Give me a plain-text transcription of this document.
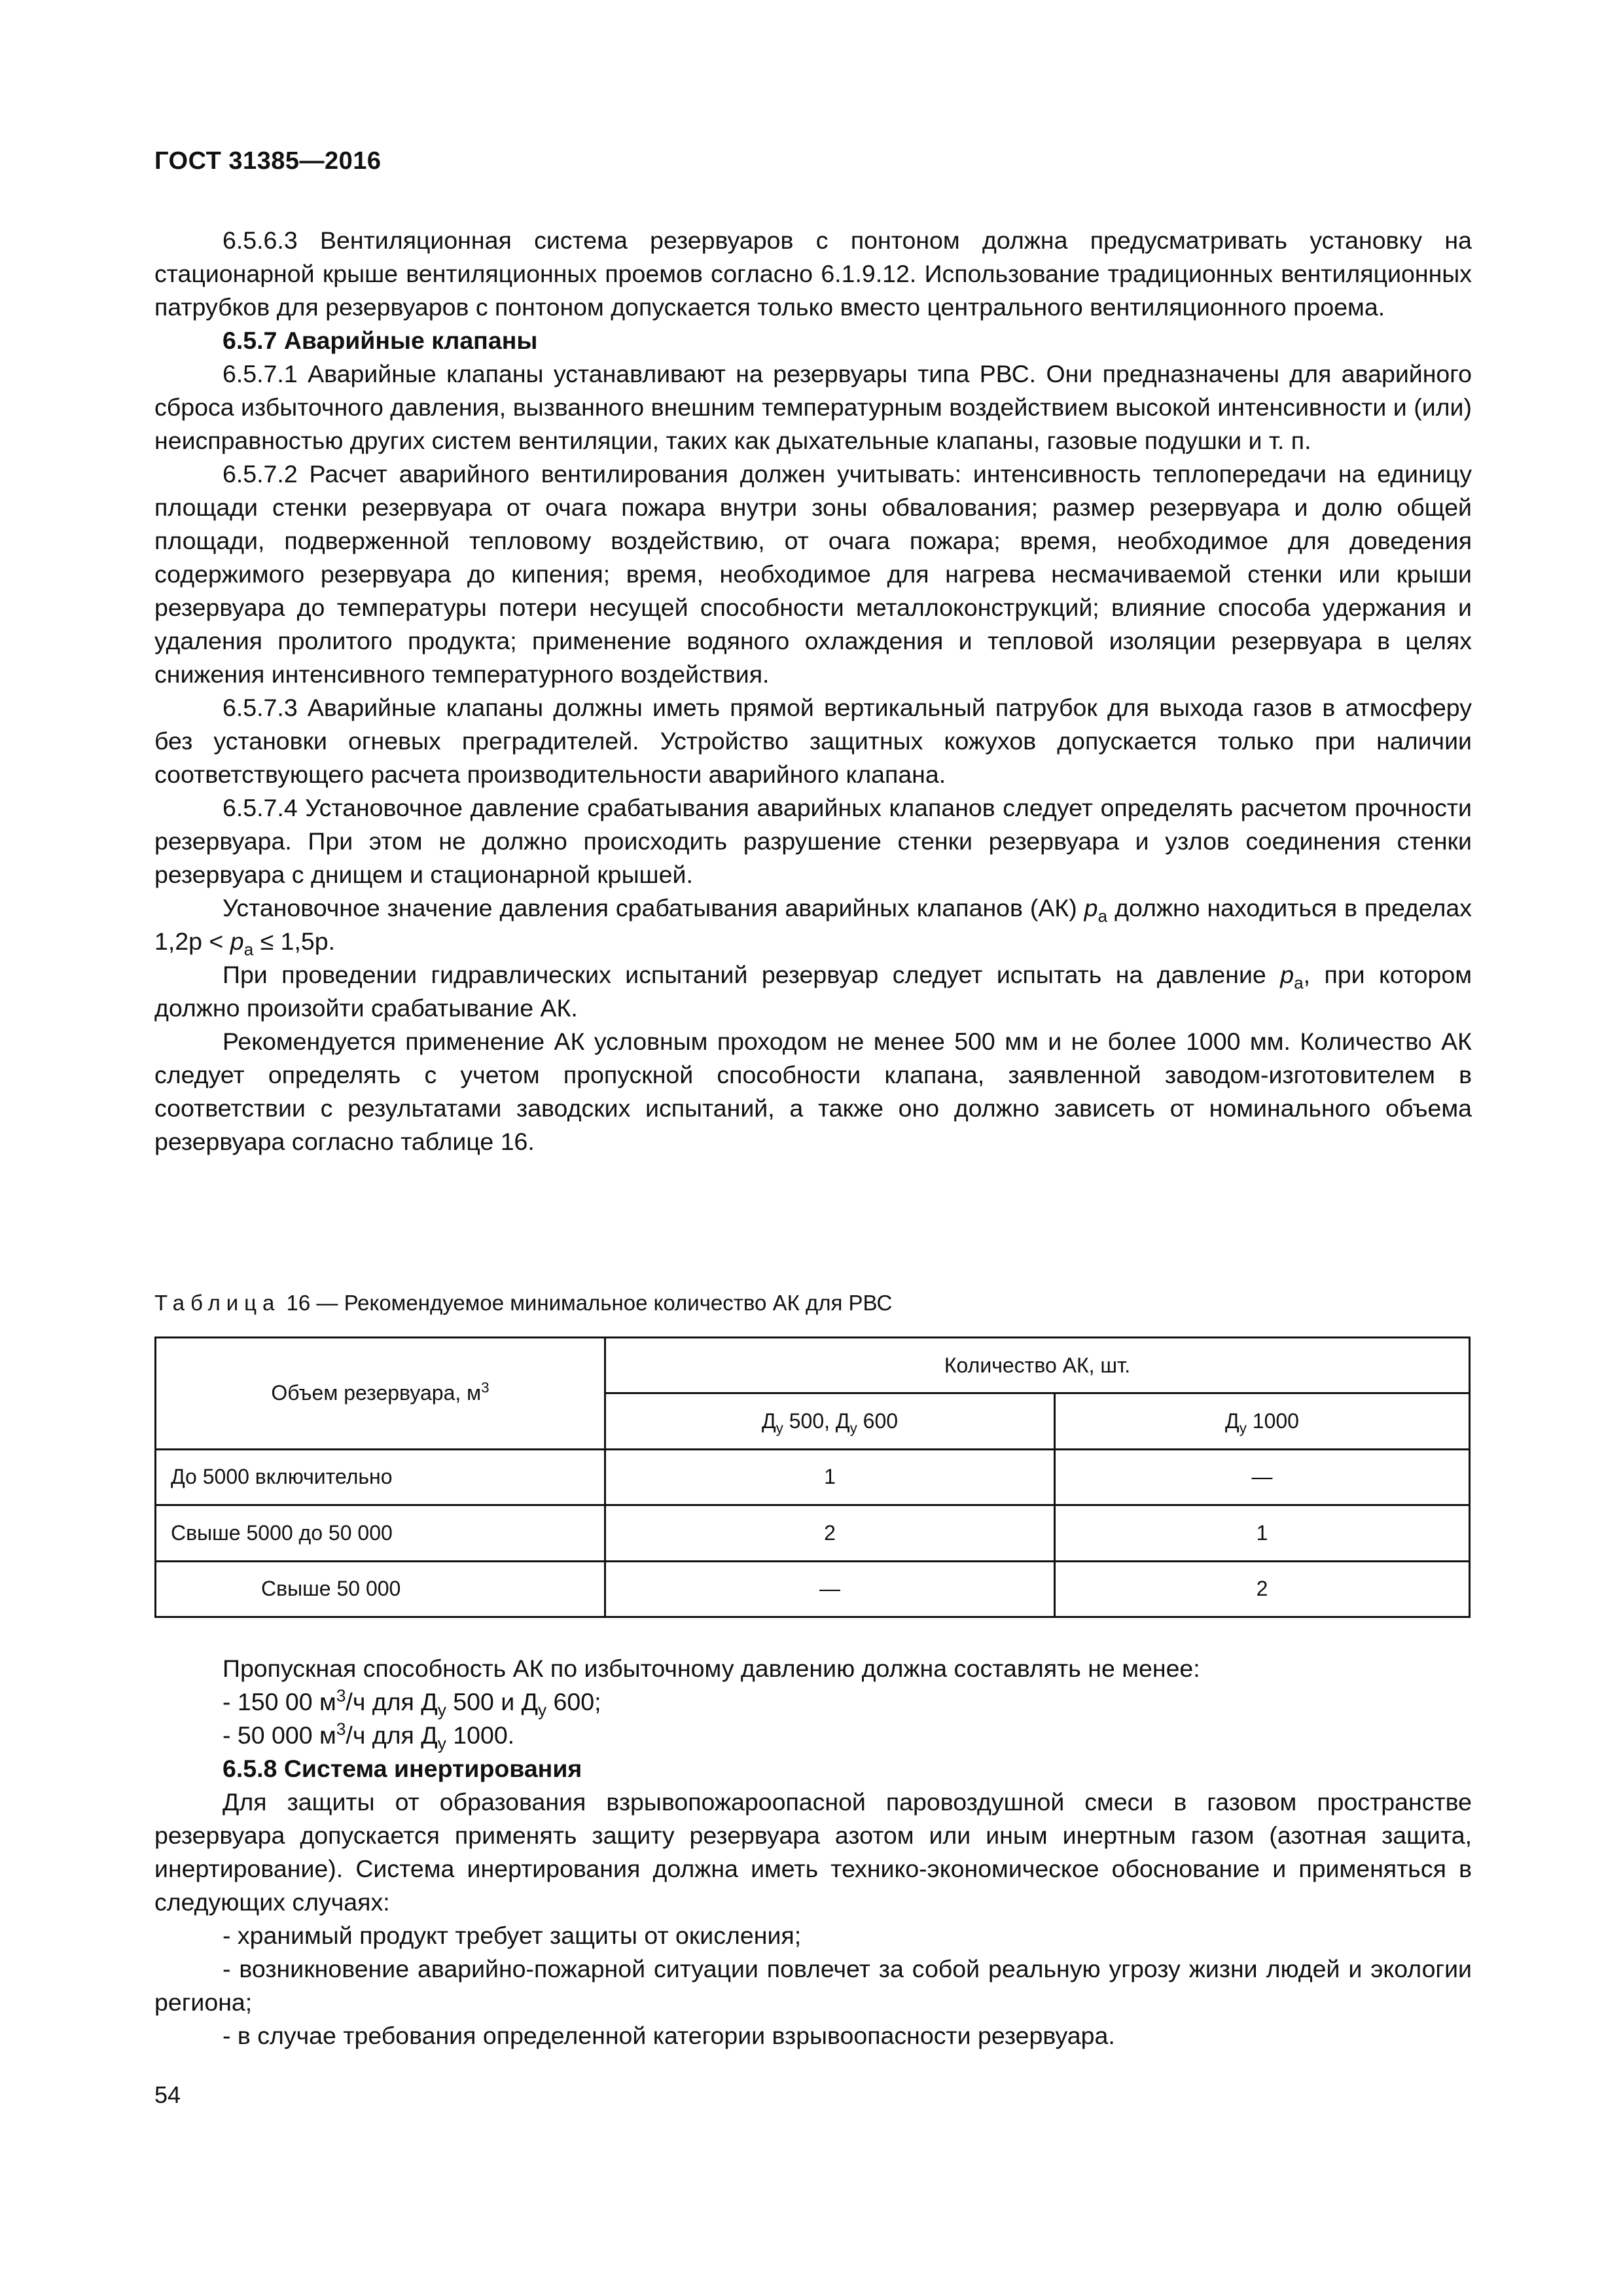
ГОСТ 31385—2016

6.5.6.3 Вентиляционная система резервуаров с понтоном должна предусматривать установку на стационарной крыше вентиляционных проемов согласно 6.1.9.12. Использование традиционных вентиляционных патрубков для резервуаров с понтоном допускается только вместо центрального вентиляционного проема.

6.5.7 Аварийные клапаны

6.5.7.1 Аварийные клапаны устанавливают на резервуары типа РВС. Они предназначены для аварийного сброса избыточного давления, вызванного внешним температурным воздействием высокой интенсивности и (или) неисправностью других систем вентиляции, таких как дыхательные клапаны, газовые подушки и т. п.

6.5.7.2 Расчет аварийного вентилирования должен учитывать: интенсивность теплопередачи на единицу площади стенки резервуара от очага пожара внутри зоны обвалования; размер резервуара и долю общей площади, подверженной тепловому воздействию, от очага пожара; время, необходимое для доведения содержимого резервуара до кипения; время, необходимое для нагрева несмачиваемой стенки или крыши резервуара до температуры потери несущей способности металлоконструкций; влияние способа удержания и удаления пролитого продукта; применение водяного охлаждения и тепловой изоляции резервуара в целях снижения интенсивного температурного воздействия.

6.5.7.3 Аварийные клапаны должны иметь прямой вертикальный патрубок для выхода газов в атмосферу без установки огневых преградителей. Устройство защитных кожухов допускается только при наличии соответствующего расчета производительности аварийного клапана.

6.5.7.4 Установочное давление срабатывания аварийных клапанов следует определять расчетом прочности резервуара. При этом не должно происходить разрушение стенки резервуара и узлов соединения стенки резервуара с днищем и стационарной крышей.

Установочное значение давления срабатывания аварийных клапанов (АК) $p_a$ должно находиться в пределах $1,2p < p_a \le 1,5p$.

При проведении гидравлических испытаний резервуар следует испытать на давление $p_a$, при котором должно произойти срабатывание АК.

Рекомендуется применение АК условным проходом не менее 500 мм и не более 1000 мм. Количество АК следует определять с учетом пропускной способности клапана, заявленной заводом-изготовителем в соответствии с результатами заводских испытаний, а также оно должно зависеть от номинального объема резервуара согласно таблице 16.

Таблица 16 — Рекомендуемое минимальное количество АК для РВС
Объем резервуара, $м^3$	Количество АК, шт.	
	$Д_у$ 500, $Д_у$ 600	$Д_у$ 1000
До 5000 включительно	1	—
Свыше 5000 до 50 000	2	1
Свыше 50 000	—	2

Пропускная способность АК по избыточному давлению должна составлять не менее:

- 150 00 $м^3/ч$ для $Д_у$ 500 и $Д_у$ 600;

- 50 000 $м^3/ч$ для $Д_у$ 1000.

6.5.8 Система инертирования

Для защиты от образования взрывопожароопасной паровоздушной смеси в газовом пространстве резервуара допускается применять защиту резервуара азотом или иным инертным газом (азотная защита, инертирование). Система инертирования должна иметь технико-экономическое обоснование и применяться в следующих случаях:

- хранимый продукт требует защиты от окисления;

- возникновение аварийно-пожарной ситуации повлечет за собой реальную угрозу жизни людей и экологии региона;

- в случае требования определенной категории взрывоопасности резервуара.

54
